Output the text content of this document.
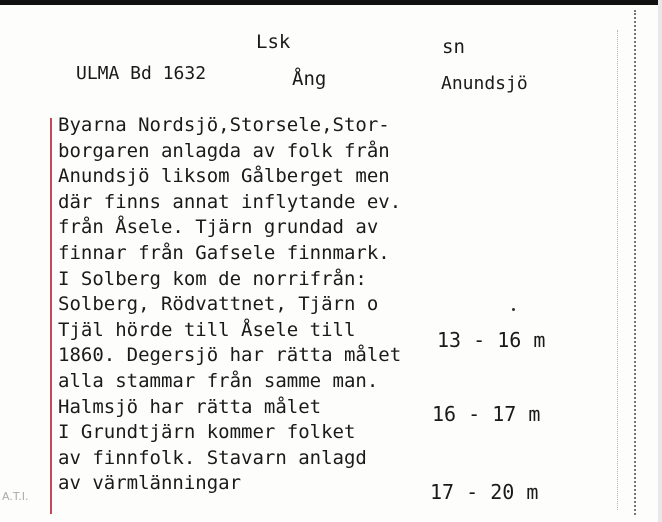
Lsk	sn
ULMA Bd 1632	Ång	Anundsjö
Byarna Nordsjö,Storsele,Stor-
borgaren anlagda av folk från
Anundsjö liksom Gålberget men
där finns annat inflytande ev.
från Åsele. Tjärn grundad av
finnar från Gafsele finnmark.
I Solberg kom de norrifrån:
Solberg, Rödvattnet, Tjärn o
Tjäl hörde till Åsele till
1860. Degersjö har rätta målet
alla stammar från samme man.
Halmsjö har rätta målet
I Grundtjärn kommer folket
av finnfolk. Stavarn anlagd
av värmlänningar
13 - 16 m
16 - 17 m
17 - 20 m
A.T.I.
